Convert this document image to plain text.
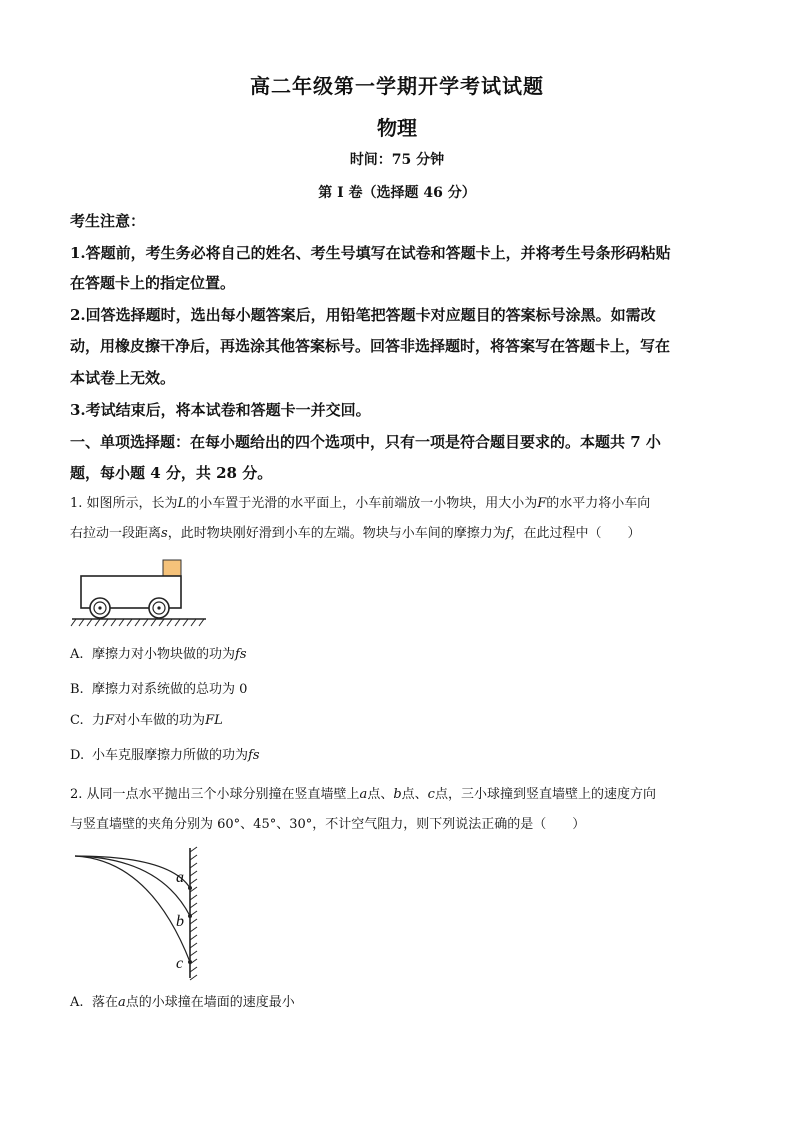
高二年级第一学期开学考试试题
物理
时间：75 分钟
第 I 卷（选择题 46 分）
考生注意：
1.答题前，考生务必将自己的姓名、考生号填写在试卷和答题卡上，并将考生号条形码粘贴
在答题卡上的指定位置。
2.回答选择题时，选出每小题答案后，用铅笔把答题卡对应题目的答案标号涂黑。如需改
动，用橡皮擦干净后，再选涂其他答案标号。回答非选择题时，将答案写在答题卡上，写在
本试卷上无效。
3.考试结束后，将本试卷和答题卡一并交回。
一、单项选择题：在每小题给出的四个选项中，只有一项是符合题目要求的。本题共 7 小
题，每小题 4 分，共 28 分。
1. 如图所示，长为L的小车置于光滑的水平面上，小车前端放一小物块，用大小为F的水平力将小车向
右拉动一段距离s，此时物块刚好滑到小车的左端。物块与小车间的摩擦力为f，在此过程中（　　）
A. 摩擦力对小物块做的功为fs
B. 摩擦力对系统做的总功为 0
C. 力F对小车做的功为FL
D. 小车克服摩擦力所做的功为fs
2. 从同一点水平抛出三个小球分别撞在竖直墙壁上a点、b点、c点，三小球撞到竖直墙壁上的速度方向
与竖直墙壁的夹角分别为 60°、45°、30°，不计空气阻力，则下列说法正确的是（　　）
a
b
c
A. 落在a点的小球撞在墙面的速度最小
